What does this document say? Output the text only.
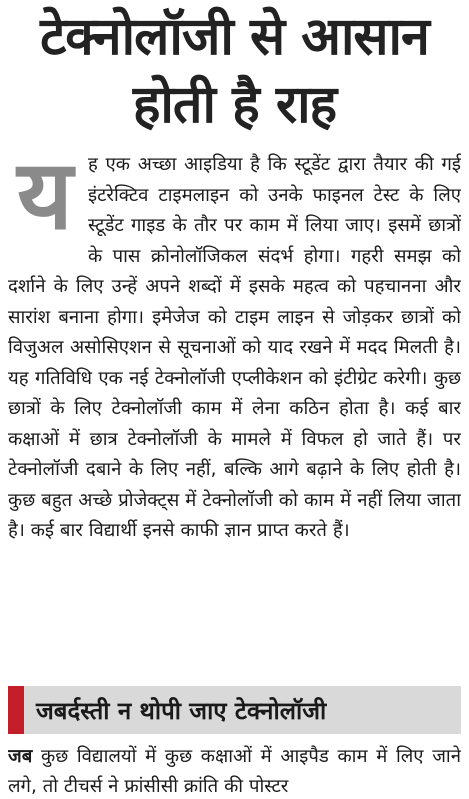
टेक्नोलॉजी से आसान
होती है राह
य ह एक अच्छा आइडिया है कि स्टूडेंट द्वारा तैयार की गई इंटरेक्टिव टाइमलाइन को उनके फाइनल टेस्ट के लिए स्टूडेंट गाइड के तौर पर काम में लिया जाए। इसमें छात्रों के पास क्रोनोलॉजिकल संदर्भ होगा। गहरी समझ को दर्शाने के लिए उन्हें अपने शब्दों में इसके महत्व को पहचानना और सारांश बनाना होगा। इमेजेज को टाइम लाइन से जोड़कर छात्रों को विजुअल असोसिएशन से सूचनाओं को याद रखने में मदद मिलती है। यह गतिविधि एक नई टेक्नोलॉजी एप्लीकेशन को इंटीग्रेट करेगी। कुछ छात्रों के लिए टेक्नोलॉजी काम में लेना कठिन होता है। कई बार कक्षाओं में छात्र टेक्नोलॉजी के मामले में विफल हो जाते हैं। पर टेक्नोलॉजी दबाने के लिए नहीं, बल्कि आगे बढ़ाने के लिए होती है। कुछ बहुत अच्छे प्रोजेक्ट्स में टेक्नोलॉजी को काम में नहीं लिया जाता है। कई बार विद्यार्थी इनसे काफी ज्ञान प्राप्त करते हैं।

जबर्दस्ती न थोपी जाए टेक्नोलॉजी

जब कुछ विद्यालयों में कुछ कक्षाओं में आइपैड काम में लिए जाने लगे, तो टीचर्स ने फ्रांसीसी क्रांति की पोस्टर
